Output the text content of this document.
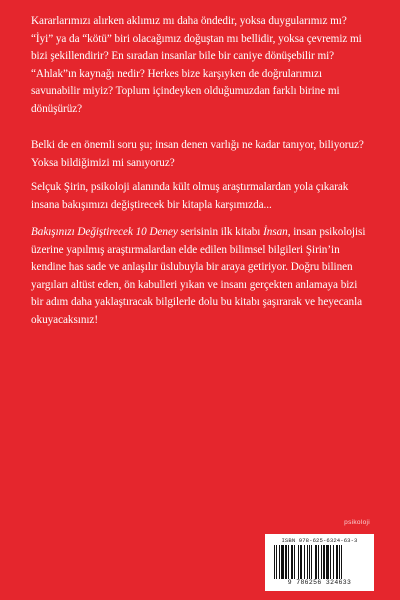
Kararlarımızı alırken aklımız mı daha öndedir, yoksa duygularımız mı? “İyi” ya da “kötü” biri olacağımız doğuştan mı bellidir, yoksa çevremiz mi bizi şekillendirir? En sıradan insanlar bile bir caniye dönüşebilir mi? “Ahlak”ın kaynağı nedir? Herkes bize karşıyken de doğrularımızı savunabilir miyiz? Toplum içindeyken olduğumuzdan farklı birine mi dönüşürüz?

Belki de en önemli soru şu; insan denen varlığı ne kadar tanıyor, biliyoruz? Yoksa bildiğimizi mi sanıyoruz?

Selçuk Şirin, psikoloji alanında kült olmuş araştırmalardan yola çıkarak insana bakışımızı değiştirecek bir kitapla karşımızda...

Bakışınızı Değiştirecek 10 Deney serisinin ilk kitabı İnsan, insan psikolojisi üzerine yapılmış araştırmalardan elde edilen bilimsel bilgileri Şirin’in kendine has sade ve anlaşılır üslubuyla bir araya getiriyor. Doğru bilinen yargıları altüst eden, ön kabulleri yıkan ve insanı gerçekten anlamaya bizi bir adım daha yaklaştıracak bilgilerle dolu bu kitabı şaşırarak ve heyecanla okuyacaksınız!

psikoloji
ISBN 978-625-6324-63-3
9 786256 324633
